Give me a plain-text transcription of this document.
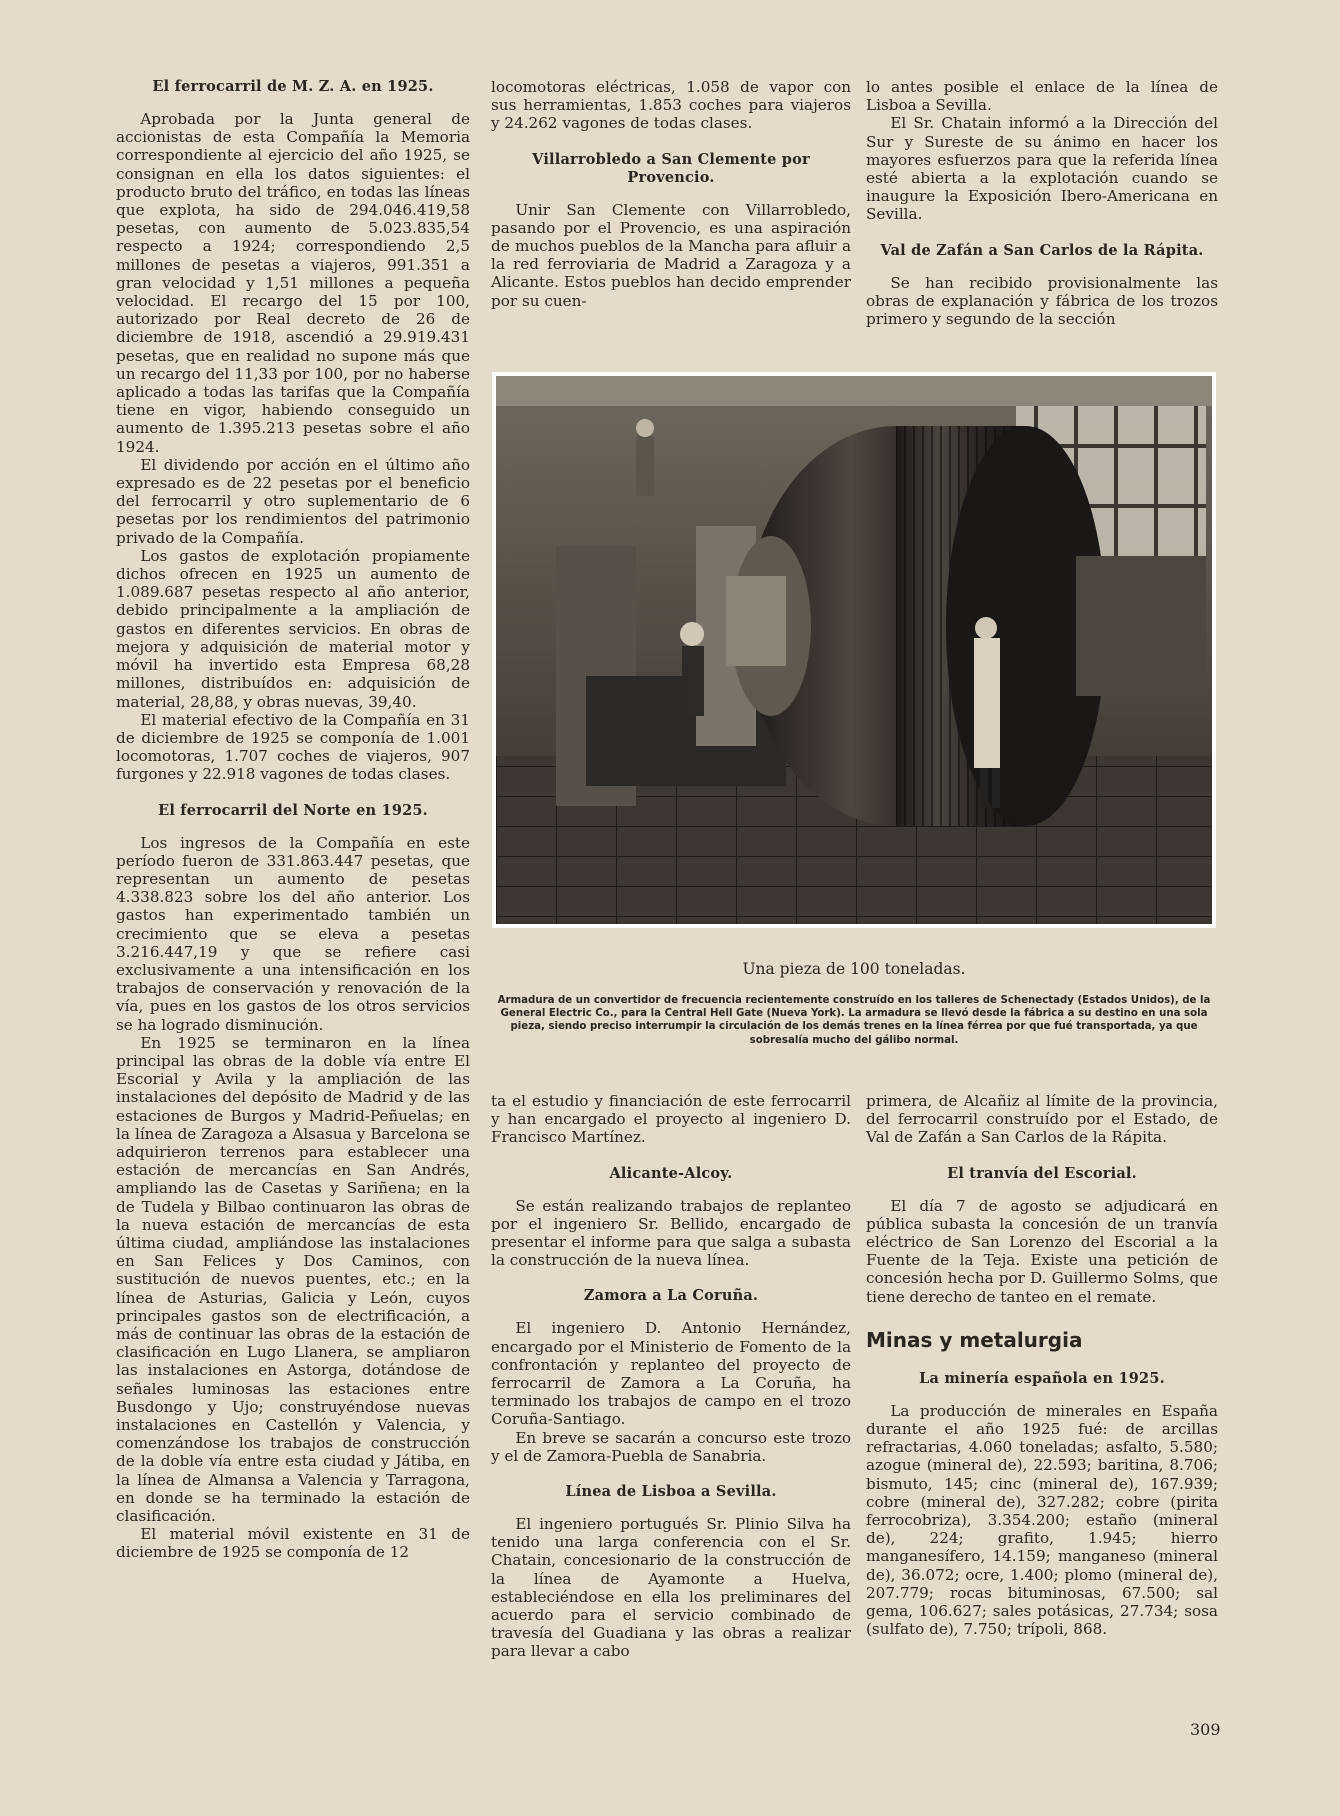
El ferrocarril de M. Z. A. en 1925.

Aprobada por la Junta general de accionistas de esta Compañía la Memoria correspondiente al ejercicio del año 1925, se consignan en ella los datos siguientes: el producto bruto del tráfico, en todas las líneas que explota, ha sido de 294.046.419,58 pesetas, con aumento de 5.023.835,54 respecto a 1924; correspondiendo 2,5 millones de pesetas a viajeros, 991.351 a gran velocidad y 1,51 millones a pequeña velocidad. El recargo del 15 por 100, autorizado por Real decreto de 26 de diciembre de 1918, ascendió a 29.919.431 pesetas, que en realidad no supone más que un recargo del 11,33 por 100, por no haberse aplicado a todas las tarifas que la Compañía tiene en vigor, habiendo conseguido un aumento de 1.395.213 pesetas sobre el año 1924.

El dividendo por acción en el último año expresado es de 22 pesetas por el beneficio del ferrocarril y otro suplementario de 6 pesetas por los rendimientos del patrimonio privado de la Compañía.

Los gastos de explotación propiamente dichos ofrecen en 1925 un aumento de 1.089.687 pesetas respecto al año anterior, debido principalmente a la ampliación de gastos en diferentes servicios. En obras de mejora y adquisición de material motor y móvil ha invertido esta Empresa 68,28 millones, distribuídos en: adquisición de material, 28,88, y obras nuevas, 39,40.

El material efectivo de la Compañía en 31 de diciembre de 1925 se componía de 1.001 locomotoras, 1.707 coches de viajeros, 907 furgones y 22.918 vagones de todas clases.

El ferrocarril del Norte en 1925.

Los ingresos de la Compañía en este período fueron de 331.863.447 pesetas, que representan un aumento de pesetas 4.338.823 sobre los del año anterior. Los gastos han experimentado también un crecimiento que se eleva a pesetas 3.216.447,19 y que se refiere casi exclusivamente a una intensificación en los trabajos de conservación y renovación de la vía, pues en los gastos de los otros servicios se ha logrado disminución.

En 1925 se terminaron en la línea principal las obras de la doble vía entre El Escorial y Avila y la ampliación de las instalaciones del depósito de Madrid y de las estaciones de Burgos y Madrid-Peñuelas; en la línea de Zaragoza a Alsasua y Barcelona se adquirieron terrenos para establecer una estación de mercancías en San Andrés, ampliando las de Casetas y Sariñena; en la de Tudela y Bilbao continuaron las obras de la nueva estación de mercancías de esta última ciudad, ampliándose las instalaciones en San Felices y Dos Caminos, con sustitución de nuevos puentes, etc.; en la línea de Asturias, Galicia y León, cuyos principales gastos son de electrificación, a más de continuar las obras de la estación de clasificación en Lugo Llanera, se ampliaron las instalaciones en Astorga, dotándose de señales luminosas las estaciones entre Busdongo y Ujo; construyéndose nuevas instalaciones en Castellón y Valencia, y comenzándose los trabajos de construcción de la doble vía entre esta ciudad y Játiba, en la línea de Almansa a Valencia y Tarragona, en donde se ha terminado la estación de clasificación.

El material móvil existente en 31 de diciembre de 1925 se componía de 12

locomotoras eléctricas, 1.058 de vapor con sus herramientas, 1.853 coches para viajeros y 24.262 vagones de todas clases.

Villarrobledo a San Clemente por Provencio.

Unir San Clemente con Villarrobledo, pasando por el Provencio, es una aspiración de muchos pueblos de la Mancha para afluir a la red ferroviaria de Madrid a Zaragoza y a Alicante. Estos pueblos han decido emprender por su cuen-

lo antes posible el enlace de la línea de Lisboa a Sevilla.

El Sr. Chatain informó a la Dirección del Sur y Sureste de su ánimo en hacer los mayores esfuerzos para que la referida línea esté abierta a la explotación cuando se inaugure la Exposición Ibero-Americana en Sevilla.

Val de Zafán a San Carlos de la Rápita.

Se han recibido provisionalmente las obras de explanación y fábrica de los trozos primero y segundo de la sección

Una pieza de 100 toneladas.
Armadura de un convertidor de frecuencia recientemente construído en los talleres de Schenectady (Estados Unidos), de la General Electric Co., para la Central Hell Gate (Nueva York). La armadura se llevó desde la fábrica a su destino en una sola pieza, siendo preciso interrumpir la circulación de los demás trenes en la línea férrea por que fué transportada, ya que sobresalía mucho del gálibo normal.

ta el estudio y financiación de este ferrocarril y han encargado el proyecto al ingeniero D. Francisco Martínez.

Alicante-Alcoy.

Se están realizando trabajos de replanteo por el ingeniero Sr. Bellido, encargado de presentar el informe para que salga a subasta la construcción de la nueva línea.

Zamora a La Coruña.

El ingeniero D. Antonio Hernández, encargado por el Ministerio de Fomento de la confrontación y replanteo del proyecto de ferrocarril de Zamora a La Coruña, ha terminado los trabajos de campo en el trozo Coruña-Santiago.

En breve se sacarán a concurso este trozo y el de Zamora-Puebla de Sanabria.

Línea de Lisboa a Sevilla.

El ingeniero portugués Sr. Plinio Silva ha tenido una larga conferencia con el Sr. Chatain, concesionario de la construcción de la línea de Ayamonte a Huelva, estableciéndose en ella los preliminares del acuerdo para el servicio combinado de travesía del Guadiana y las obras a realizar para llevar a cabo

primera, de Alcañiz al límite de la provincia, del ferrocarril construído por el Estado, de Val de Zafán a San Carlos de la Rápita.

El tranvía del Escorial.

El día 7 de agosto se adjudicará en pública subasta la concesión de un tranvía eléctrico de San Lorenzo del Escorial a la Fuente de la Teja. Existe una petición de concesión hecha por D. Guillermo Solms, que tiene derecho de tanteo en el remate.

Minas y metalurgia
La minería española en 1925.

La producción de minerales en España durante el año 1925 fué: de arcillas refractarias, 4.060 toneladas; asfalto, 5.580; azogue (mineral de), 22.593; baritina, 8.706; bismuto, 145; cinc (mineral de), 167.939; cobre (mineral de), 327.282; cobre (pirita ferrocobriza), 3.354.200; estaño (mineral de), 224; grafito, 1.945; hierro manganesífero, 14.159; manganeso (mineral de), 36.072; ocre, 1.400; plomo (mineral de), 207.779; rocas bituminosas, 67.500; sal gema, 106.627; sales potásicas, 27.734; sosa (sulfato de), 7.750; trípoli, 868.

309
